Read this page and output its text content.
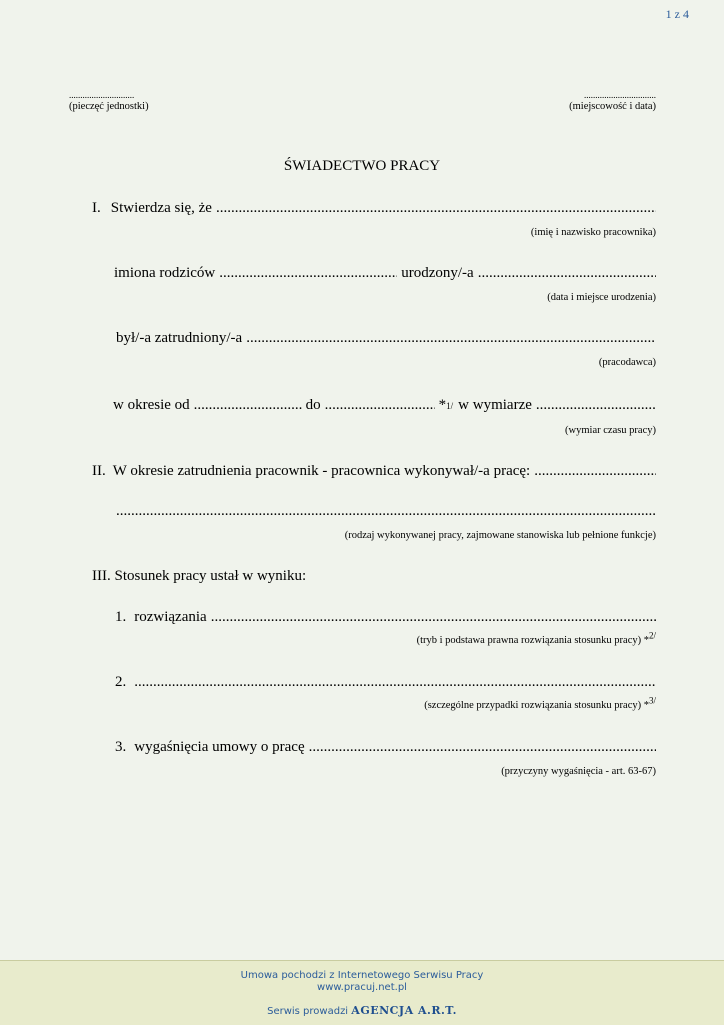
1 z 4
.............................
(pieczęć jednostki)
................................
(miejscowość i data)
ŚWIADECTWO PRACY
I. Stwierdza się, że
.....
(imię i nazwisko pracownika)
imiona rodziców .....	urodzony/-a
.....
(data i miejsce urodzenia)
był/-a zatrudniony/-a
.....
(pracodawca)
w okresie od .....	do .....	* 1/ w wymiarze
.....
(wymiar czasu pracy)
II. W okresie zatrudnienia pracownik - pracownica wykonywał/-a pracę:
.....
.....
(rodzaj wykonywanej pracy, zajmowane stanowiska lub pełnione funkcje)
III. Stosunek pracy ustał w wyniku:
1. rozwiązania
.....
(tryb i podstawa prawna rozwiązania stosunku pracy) *$^{2/}$
2.
.....
(szczególne przypadki rozwiązania stosunku pracy) *$^{3/}$
3. wygaśnięcia umowy o pracę
.....
(przyczyny wygaśnięcia - art. 63-67)
Umowa pochodzi z Internetowego Serwisu Pracy
www.pracuj.net.pl
Serwis prowadzi AGENCJA A.R.T.
